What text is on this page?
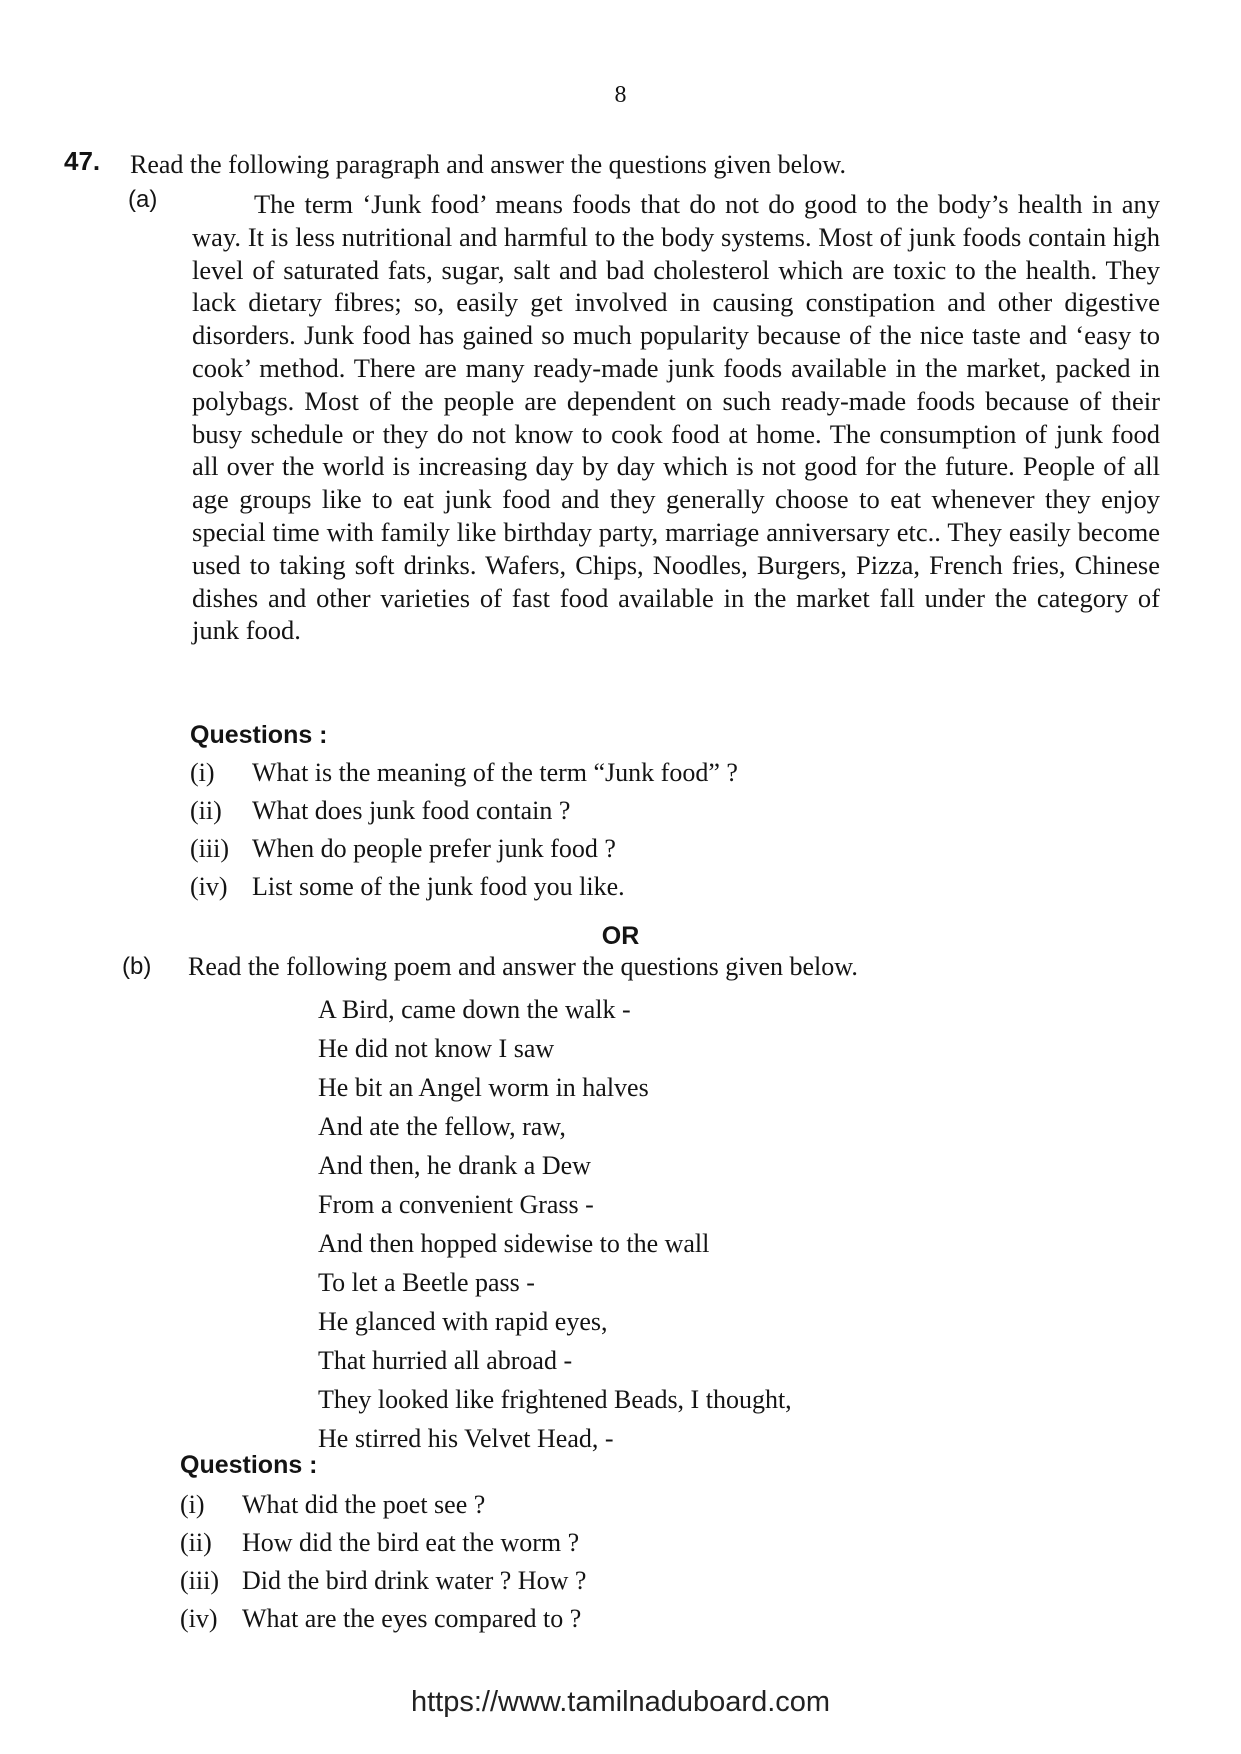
8
47. Read the following paragraph and answer the questions given below.
(a)	The term ‘Junk food’ means foods that do not do good to the body’s health in any way. It is less nutritional and harmful to the body systems. Most of junk foods contain high level of saturated fats, sugar, salt and bad cholesterol which are toxic to the health. They lack dietary fibres; so, easily get involved in causing constipation and other digestive disorders. Junk food has gained so much popularity because of the nice taste and ‘easy to cook’ method. There are many ready-made junk foods available in the market, packed in polybags. Most of the people are dependent on such ready-made foods because of their busy schedule or they do not know to cook food at home. The consumption of junk food all over the world is increasing day by day which is not good for the future. People of all age groups like to eat junk food and they generally choose to eat whenever they enjoy special time with family like birthday party, marriage anniversary etc.. They easily become used to taking soft drinks. Wafers, Chips, Noodles, Burgers, Pizza, French fries, Chinese dishes and other varieties of fast food available in the market fall under the category of junk food.
Questions :
(i) What is the meaning of the term “Junk food” ?
(ii) What does junk food contain ?
(iii) When do people prefer junk food ?
(iv) List some of the junk food you like.
OR
(b) Read the following poem and answer the questions given below.
A Bird, came down the walk -
He did not know I saw
He bit an Angel worm in halves
And ate the fellow, raw,
And then, he drank a Dew
From a convenient Grass -
And then hopped sidewise to the wall
To let a Beetle pass -
He glanced with rapid eyes,
That hurried all abroad -
They looked like frightened Beads, I thought,
He stirred his Velvet Head, -
Questions :
(i) What did the poet see ?
(ii) How did the bird eat the worm ?
(iii) Did the bird drink water ? How ?
(iv) What are the eyes compared to ?
https://www.tamilnaduboard.com
